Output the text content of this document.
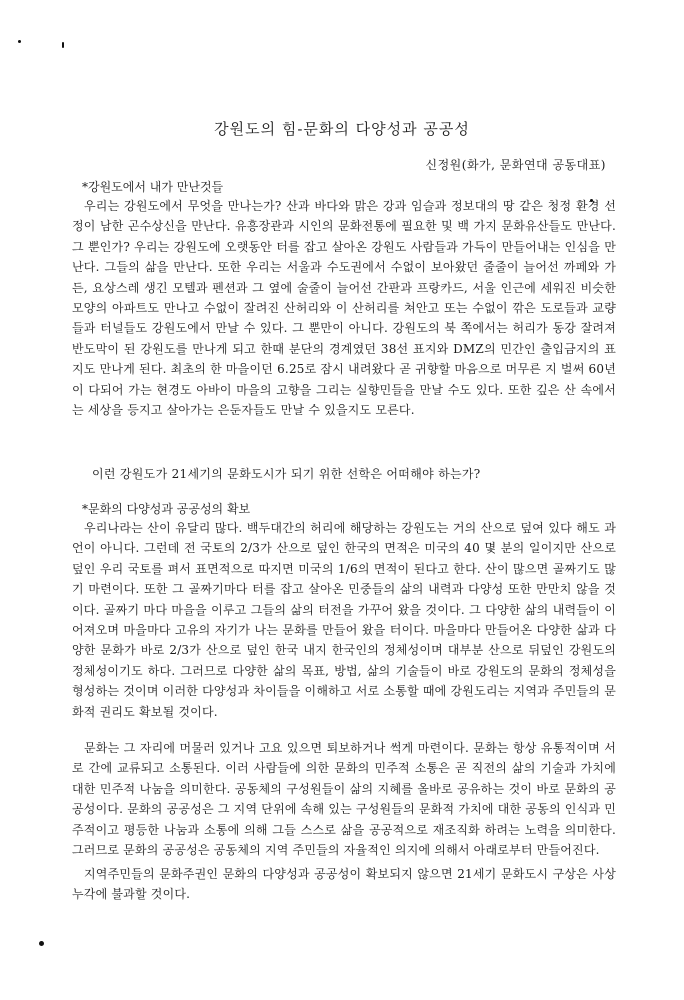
강원도의 힘-문화의 다양성과 공공성
신정원(화가, 문화연대 공동대표)
*강원도에서 내가 만난것들
우리는 강원도에서 무엇을 만나는가? 산과 바다와 맑은 강과 임슬과 정보대의 땅 같은 청정 환경 선정이 남한 곤수상신을 만난다. 유흥장관과 시인의 문화전통에 필요한 및 백 가지 문화유산들도 만난다. 그 뿐인가? 우리는 강원도에 오랫동안 터를 잡고 살아온 강원도 사람들과 가득이 만들어내는 인심을 만난다. 그들의 삶을 만난다. 또한 우리는 서울과 수도권에서 수없이 보아왔던 줄줄이 늘어선 까페와 가든, 요상스레 생긴 모텔과 펜션과 그 옆에 술줄이 늘어선 간판과 프랑카드, 서울 인근에 세워진 비슷한 모양의 아파트도 만나고 수없이 잘려진 산허리와 이 산허리를 쳐안고 또는 수없이 깎은 도로들과 교량들과 터널들도 강원도에서 만날 수 있다. 그 뿐만이 아니다. 강원도의 북 쪽에서는 허리가 동강 잘려져 반도막이 된 강원도를 만나게 되고 한때 분단의 경계였던 38선 표지와 DMZ의 민간인 출입금지의 표지도 만나게 된다. 최초의 한 마을이던 6.25로 잠시 내려왔다 곧 귀향할 마음으로 머무른 지 벌써 60년이 다되어 가는 현경도 아바이 마을의 고향을 그리는 실향민들을 만날 수도 있다. 또한 깊은 산 속에서는 세상을 등지고 살아가는 은둔자들도 만날 수 있을지도 모른다.
이런 강원도가 21세기의 문화도시가 되기 위한 선학은 어떠해야 하는가?
*문화의 다양성과 공공성의 확보
우리나라는 산이 유달리 많다. 백두대간의 허리에 해당하는 강원도는 거의 산으로 덮여 있다 해도 과언이 아니다. 그런데 전 국토의 2/3가 산으로 덮인 한국의 면적은 미국의 40 몇 분의 일이지만 산으로 덮인 우리 국토를 펴서 표면적으로 따지면 미국의 1/6의 면적이 된다고 한다. 산이 많으면 골짜기도 많기 마련이다. 또한 그 골짜기마다 터를 잡고 살아온 민중들의 삶의 내력과 다양성 또한 만만치 않을 것이다. 골짜기 마다 마을을 이루고 그들의 삶의 터전을 가꾸어 왔을 것이다. 그 다양한 삶의 내력들이 이어져오며 마을마다 고유의 자기가 나는 문화를 만들어 왔을 터이다. 마을마다 만들어온 다양한 삶과 다양한 문화가 바로 2/3가 산으로 덮인 한국 내지 한국인의 정체성이며 대부분 산으로 뒤덮인 강원도의 정체성이기도 하다. 그러므로 다양한 삶의 목표, 방법, 삶의 기술들이 바로 강원도의 문화의 정체성을 형성하는 것이며 이러한 다양성과 차이들을 이해하고 서로 소통할 때에 강원도리는 지역과 주민들의 문화적 권리도 확보될 것이다.
문화는 그 자리에 머물러 있거나 고요 있으면 퇴보하거나 썩게 마련이다. 문화는 항상 유통적이며 서로 간에 교류되고 소통된다. 이러 사람들에 의한 문화의 민주적 소통은 곧 직전의 삶의 기술과 가치에 대한 민주적 나눔을 의미한다. 공동체의 구성원들이 삶의 지혜를 올바로 공유하는 것이 바로 문화의 공공성이다. 문화의 공공성은 그 지역 단위에 속해 있는 구성원들의 문화적 가치에 대한 공동의 인식과 민주적이고 평등한 나눔과 소통에 의해 그들 스스로 삶을 공공적으로 재조직화 하려는 노력을 의미한다. 그러므로 문화의 공공성은 공동체의 지역 주민들의 자율적인 의지에 의해서 아래로부터 만들어진다.
지역주민들의 문화주권인 문화의 다양성과 공공성이 확보되지 않으면 21세기 문화도시 구상은 사상누각에 불과할 것이다.
